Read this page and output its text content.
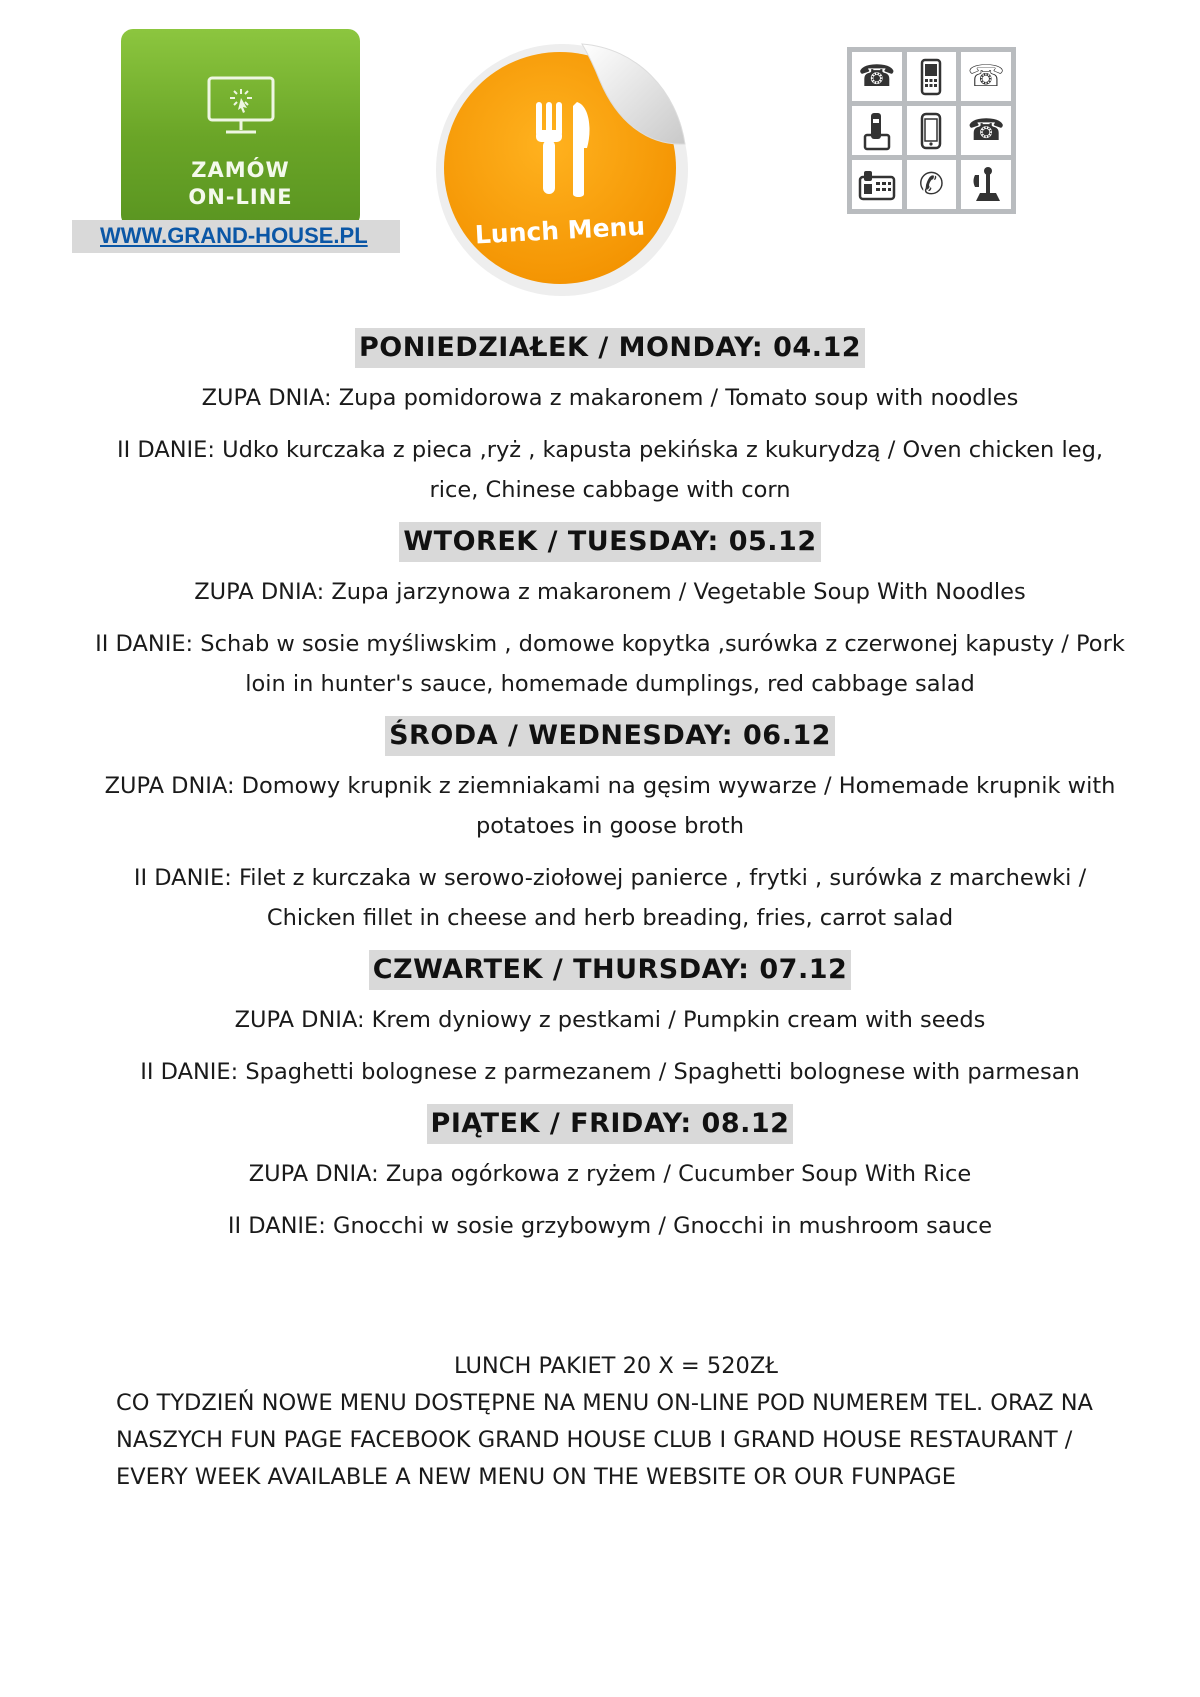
ZAMÓW
ON-LINE
WWW.GRAND-HOUSE.PL	Lunch Menu
☎ ☏
☎
✆
PONIEDZIAŁEK / MONDAY: 04.12
ZUPA DNIA: Zupa pomidorowa z makaronem / Tomato soup with noodles
II DANIE: Udko kurczaka z pieca ,ryż , kapusta pekińska z kukurydzą / Oven chicken leg, rice, Chinese cabbage with corn
WTOREK / TUESDAY: 05.12
ZUPA DNIA: Zupa jarzynowa z makaronem / Vegetable Soup With Noodles
II DANIE: Schab w sosie myśliwskim , domowe kopytka ,surówka z czerwonej kapusty / Pork loin in hunter's sauce, homemade dumplings, red cabbage salad
ŚRODA / WEDNESDAY: 06.12
ZUPA DNIA: Domowy krupnik z ziemniakami na gęsim wywarze / Homemade krupnik with potatoes in goose broth
II DANIE: Filet z kurczaka w serowo-ziołowej panierce , frytki , surówka z marchewki / Chicken fillet in cheese and herb breading, fries, carrot salad
CZWARTEK / THURSDAY: 07.12
ZUPA DNIA: Krem dyniowy z pestkami / Pumpkin cream with seeds
II DANIE: Spaghetti bolognese z parmezanem / Spaghetti bolognese with parmesan
PIĄTEK / FRIDAY: 08.12
ZUPA DNIA: Zupa ogórkowa z ryżem / Cucumber Soup With Rice
II DANIE: Gnocchi w sosie grzybowym / Gnocchi in mushroom sauce
LUNCH PAKIET 20 X = 520ZŁ
CO TYDZIEŃ NOWE MENU DOSTĘPNE NA MENU ON-LINE POD NUMEREM TEL. ORAZ NA NASZYCH FUN PAGE FACEBOOK GRAND HOUSE CLUB I GRAND HOUSE RESTAURANT / EVERY WEEK AVAILABLE A NEW MENU ON THE WEBSITE OR OUR FUNPAGE
